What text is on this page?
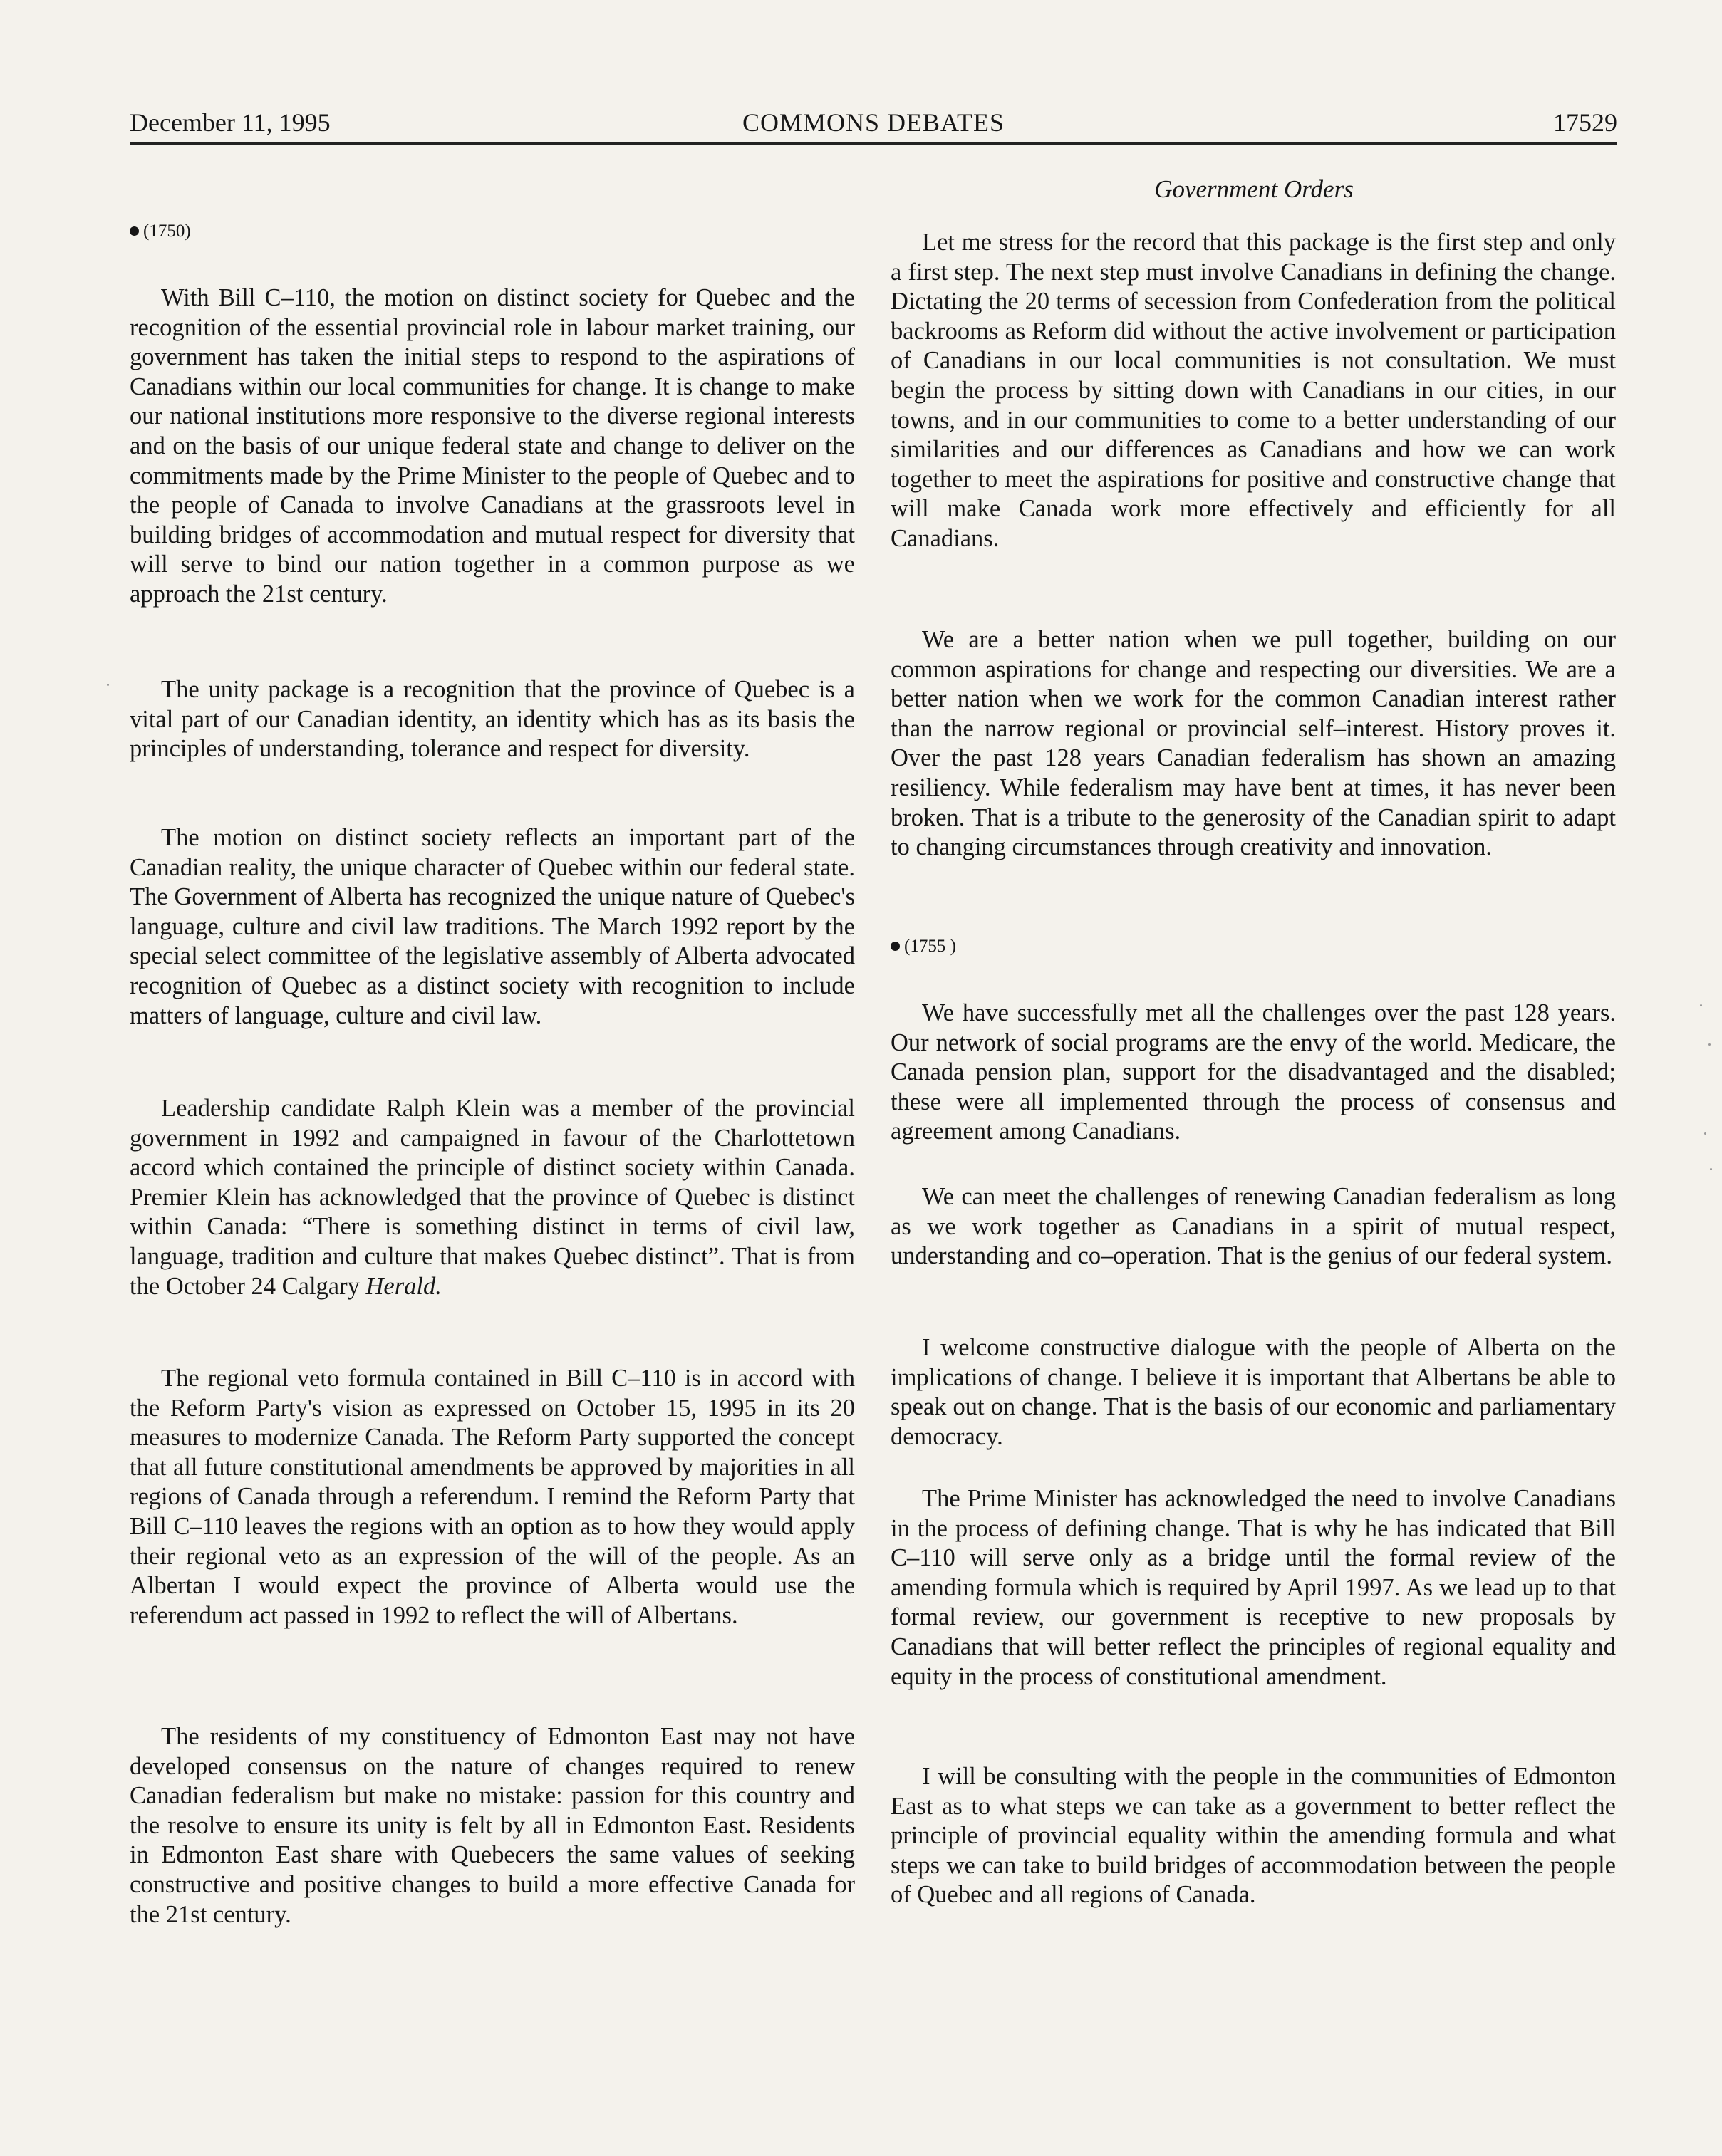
December 11, 1995	COMMONS DEBATES	17529
Government Orders
(1750)

With Bill C–110, the motion on distinct society for Quebec and the recognition of the essential provincial role in labour market training, our government has taken the initial steps to respond to the aspirations of Canadians within our local communities for change. It is change to make our national institutions more responsive to the diverse regional interests and on the basis of our unique federal state and change to deliver on the commitments made by the Prime Minister to the people of Quebec and to the people of Canada to involve Canadians at the grassroots level in building bridges of accommodation and mutual respect for diversity that will serve to bind our nation together in a common purpose as we approach the 21st century.

The unity package is a recognition that the province of Quebec is a vital part of our Canadian identity, an identity which has as its basis the principles of understanding, tolerance and respect for diversity.

The motion on distinct society reflects an important part of the Canadian reality, the unique character of Quebec within our federal state. The Government of Alberta has recognized the unique nature of Quebec's language, culture and civil law traditions. The March 1992 report by the special select committee of the legislative assembly of Alberta advocated recognition of Quebec as a distinct society with recognition to include matters of language, culture and civil law.

Leadership candidate Ralph Klein was a member of the provincial government in 1992 and campaigned in favour of the Charlottetown accord which contained the principle of distinct society within Canada. Premier Klein has acknowledged that the province of Quebec is distinct within Canada: “There is something distinct in terms of civil law, language, tradition and culture that makes Quebec distinct”. That is from the October 24 Calgary Herald.

The regional veto formula contained in Bill C–110 is in accord with the Reform Party's vision as expressed on October 15, 1995 in its 20 measures to modernize Canada. The Reform Party supported the concept that all future constitutional amendments be approved by majorities in all regions of Canada through a referendum. I remind the Reform Party that Bill C–110 leaves the regions with an option as to how they would apply their regional veto as an expression of the will of the people. As an Albertan I would expect the province of Alberta would use the referendum act passed in 1992 to reflect the will of Albertans.

The residents of my constituency of Edmonton East may not have developed consensus on the nature of changes required to renew Canadian federalism but make no mistake: passion for this country and the resolve to ensure its unity is felt by all in Edmonton East. Residents in Edmonton East share with Quebecers the same values of seeking constructive and positive changes to build a more effective Canada for the 21st century.

Let me stress for the record that this package is the first step and only a first step. The next step must involve Canadians in defining the change. Dictating the 20 terms of secession from Confederation from the political backrooms as Reform did without the active involvement or participation of Canadians in our local communities is not consultation. We must begin the process by sitting down with Canadians in our cities, in our towns, and in our communities to come to a better understanding of our similarities and our differences as Canadians and how we can work together to meet the aspirations for positive and constructive change that will make Canada work more effectively and efficiently for all Canadians.

We are a better nation when we pull together, building on our common aspirations for change and respecting our diversities. We are a better nation when we work for the common Canadian interest rather than the narrow regional or provincial self–interest. History proves it. Over the past 128 years Canadian federalism has shown an amazing resiliency. While federalism may have bent at times, it has never been broken. That is a tribute to the generosity of the Canadian spirit to adapt to changing circumstances through creativity and innovation.

(1755 )

We have successfully met all the challenges over the past 128 years. Our network of social programs are the envy of the world. Medicare, the Canada pension plan, support for the disadvantaged and the disabled; these were all implemented through the process of consensus and agreement among Canadians.

We can meet the challenges of renewing Canadian federalism as long as we work together as Canadians in a spirit of mutual respect, understanding and co–operation. That is the genius of our federal system.

I welcome constructive dialogue with the people of Alberta on the implications of change. I believe it is important that Albertans be able to speak out on change. That is the basis of our economic and parliamentary democracy.

The Prime Minister has acknowledged the need to involve Canadians in the process of defining change. That is why he has indicated that Bill C–110 will serve only as a bridge until the formal review of the amending formula which is required by April 1997. As we lead up to that formal review, our government is receptive to new proposals by Canadians that will better reflect the principles of regional equality and equity in the process of constitutional amendment.

I will be consulting with the people in the communities of Edmonton East as to what steps we can take as a government to better reflect the principle of provincial equality within the amending formula and what steps we can take to build bridges of accommodation between the people of Quebec and all regions of Canada.
